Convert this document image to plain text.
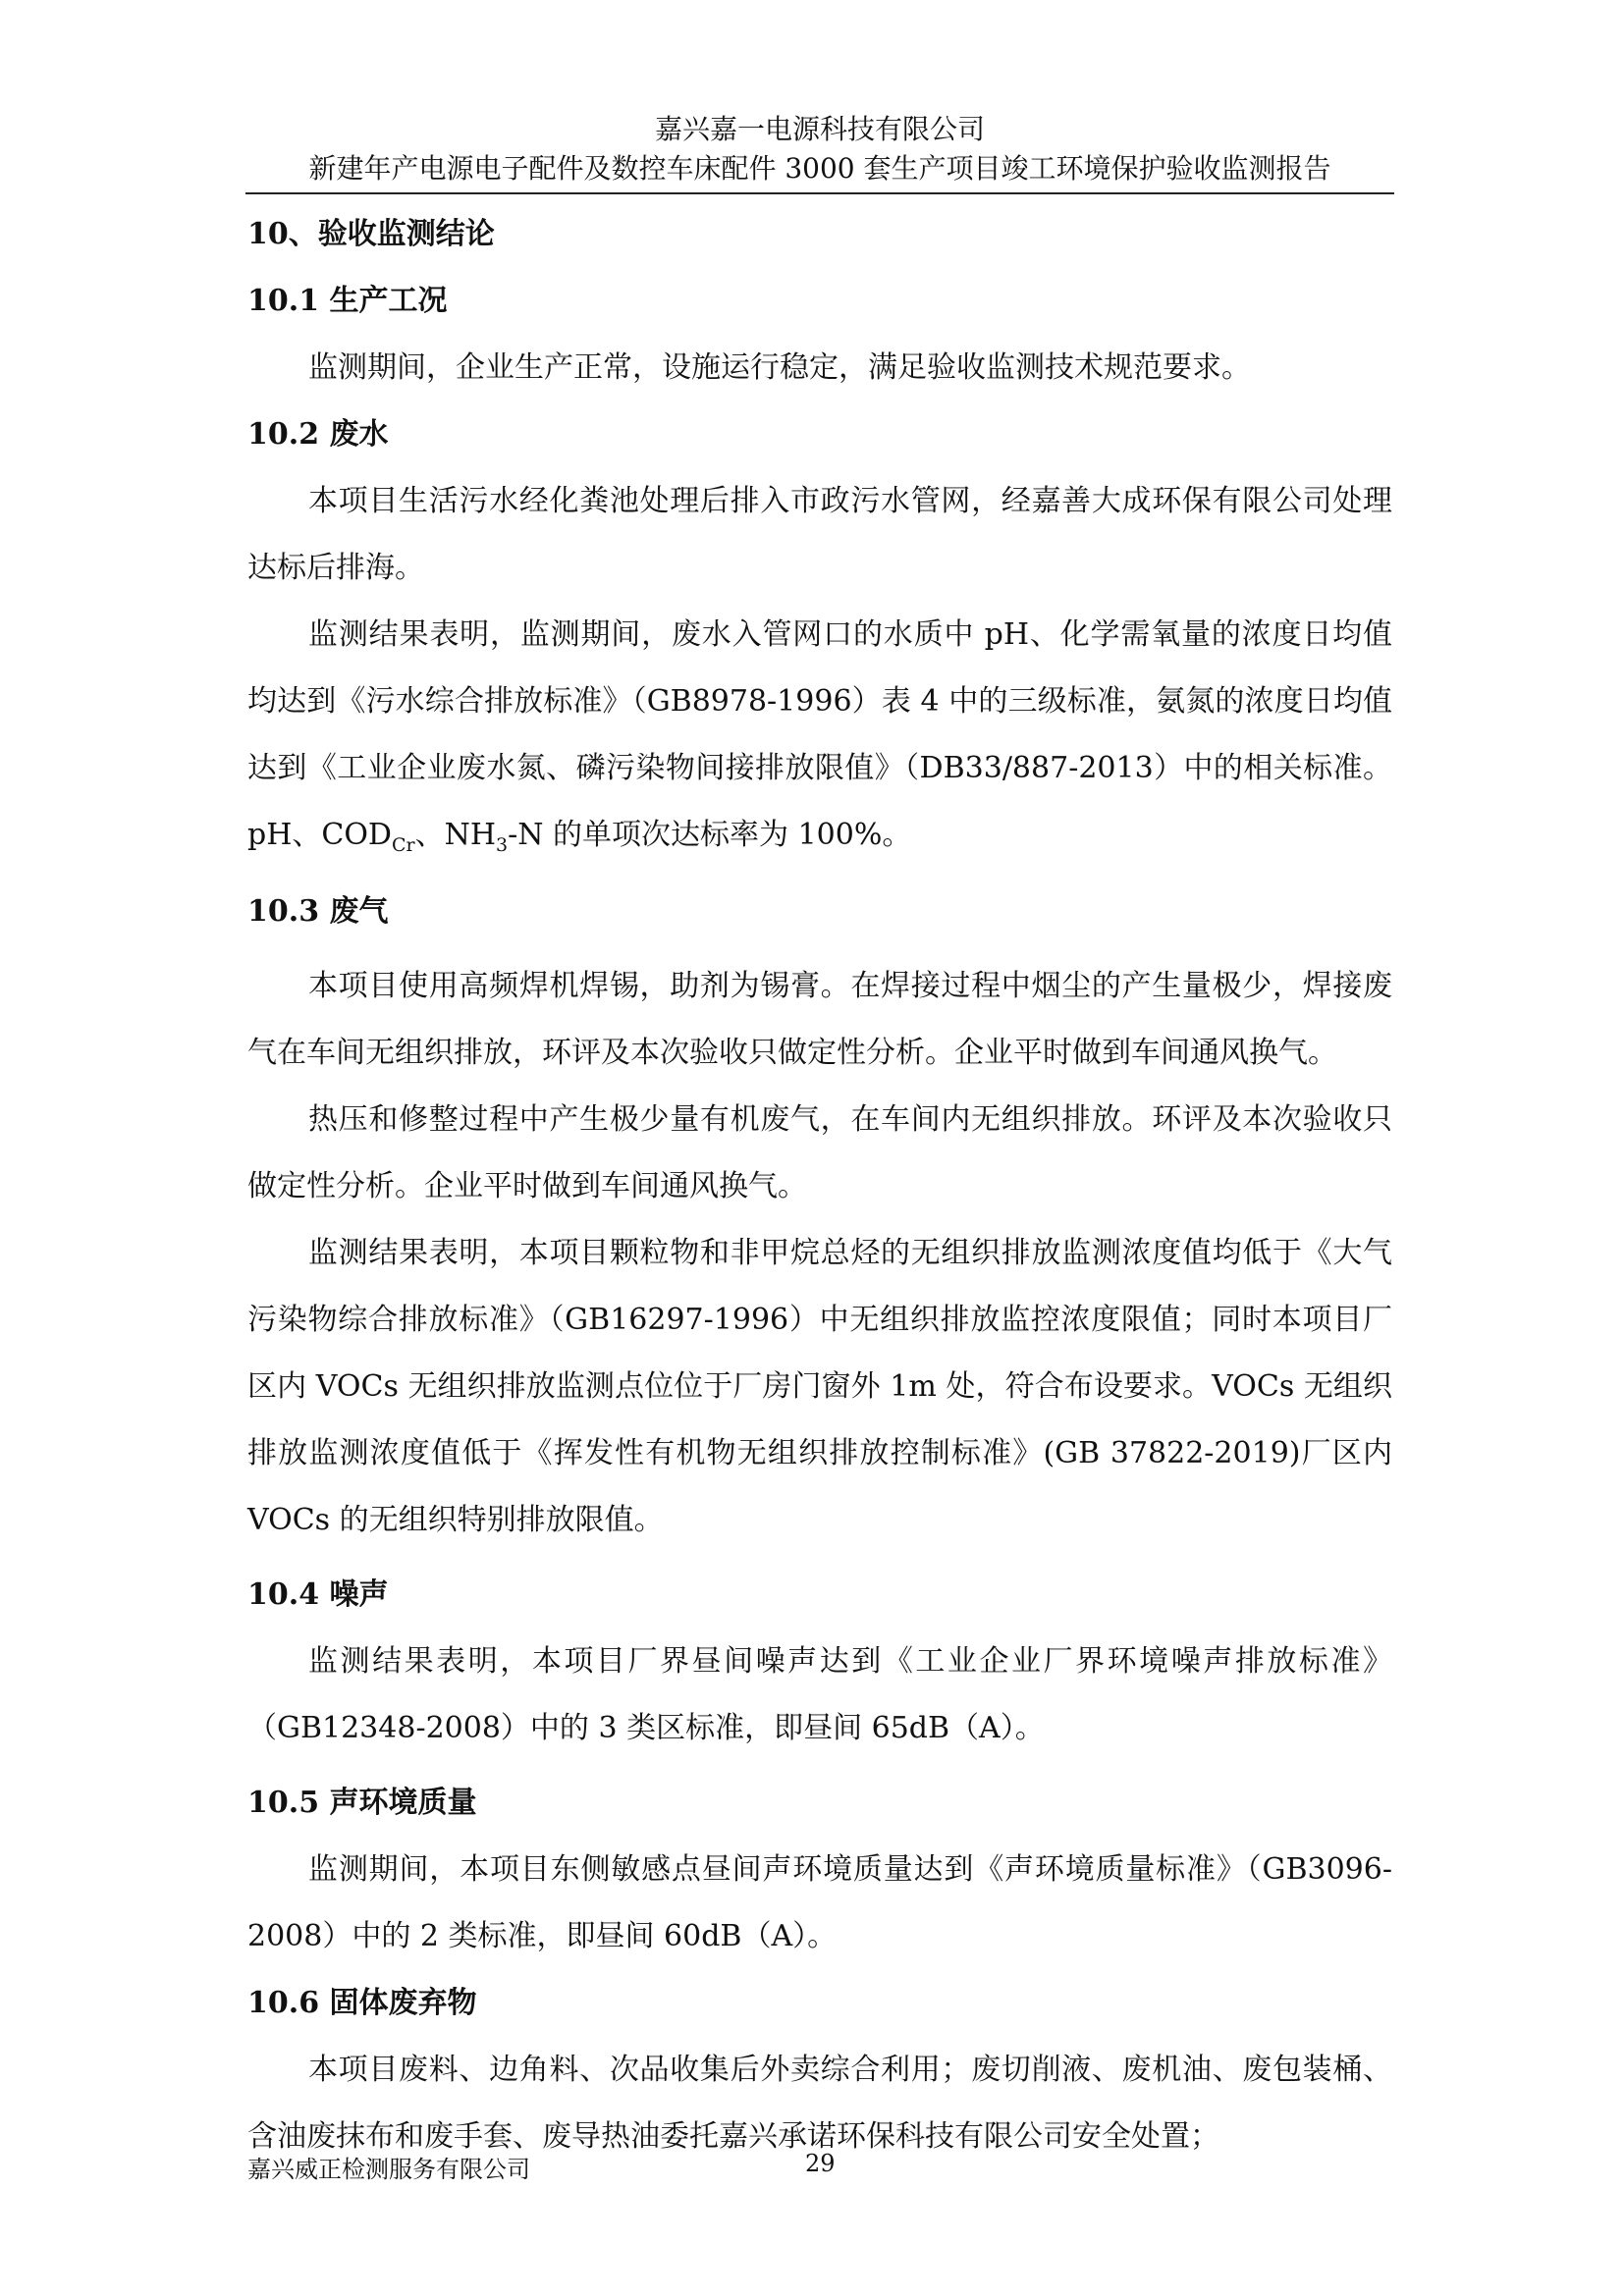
嘉兴嘉一电源科技有限公司
新建年产电源电子配件及数控车床配件 3000 套生产项目竣工环境保护验收监测报告

10、验收监测结论

10.1 生产工况

监测期间，企业生产正常，设施运行稳定，满足验收监测技术规范要求。

10.2 废水

本项目生活污水经化粪池处理后排入市政污水管网，经嘉善大成环保有限公司处理达标后排海。

监测结果表明，监测期间，废水入管网口的水质中 pH、化学需氧量的浓度日均值均达到《污水综合排放标准》（GB8978-1996）表 4 中的三级标准，氨氮的浓度日均值达到《工业企业废水氮、磷污染物间接排放限值》（DB33/887-2013）中的相关标准。pH、$COD_{Cr}$、$NH_3-N$ 的单项次达标率为 100%。

10.3 废气

本项目使用高频焊机焊锡，助剂为锡膏。在焊接过程中烟尘的产生量极少，焊接废气在车间无组织排放，环评及本次验收只做定性分析。企业平时做到车间通风换气。

热压和修整过程中产生极少量有机废气，在车间内无组织排放。环评及本次验收只做定性分析。企业平时做到车间通风换气。

监测结果表明，本项目颗粒物和非甲烷总烃的无组织排放监测浓度值均低于《大气污染物综合排放标准》（GB16297-1996）中无组织排放监控浓度限值；同时本项目厂区内 VOCs 无组织排放监测点位位于厂房门窗外 1m 处，符合布设要求。VOCs 无组织排放监测浓度值低于《挥发性有机物无组织排放控制标准》(GB 37822-2019)厂区内 VOCs 的无组织特别排放限值。

10.4 噪声

监测结果表明，本项目厂界昼间噪声达到《工业企业厂界环境噪声排放标准》（GB12348-2008）中的 3 类区标准，即昼间 65dB（A）。

10.5 声环境质量

监测期间，本项目东侧敏感点昼间声环境质量达到《声环境质量标准》（GB3096-2008）中的 2 类标准，即昼间 60dB（A）。

10.6 固体废弃物

本项目废料、边角料、次品收集后外卖综合利用；废切削液、废机油、废包装桶、含油废抹布和废手套、废导热油委托嘉兴承诺环保科技有限公司安全处置；

嘉兴威正检测服务有限公司	29
